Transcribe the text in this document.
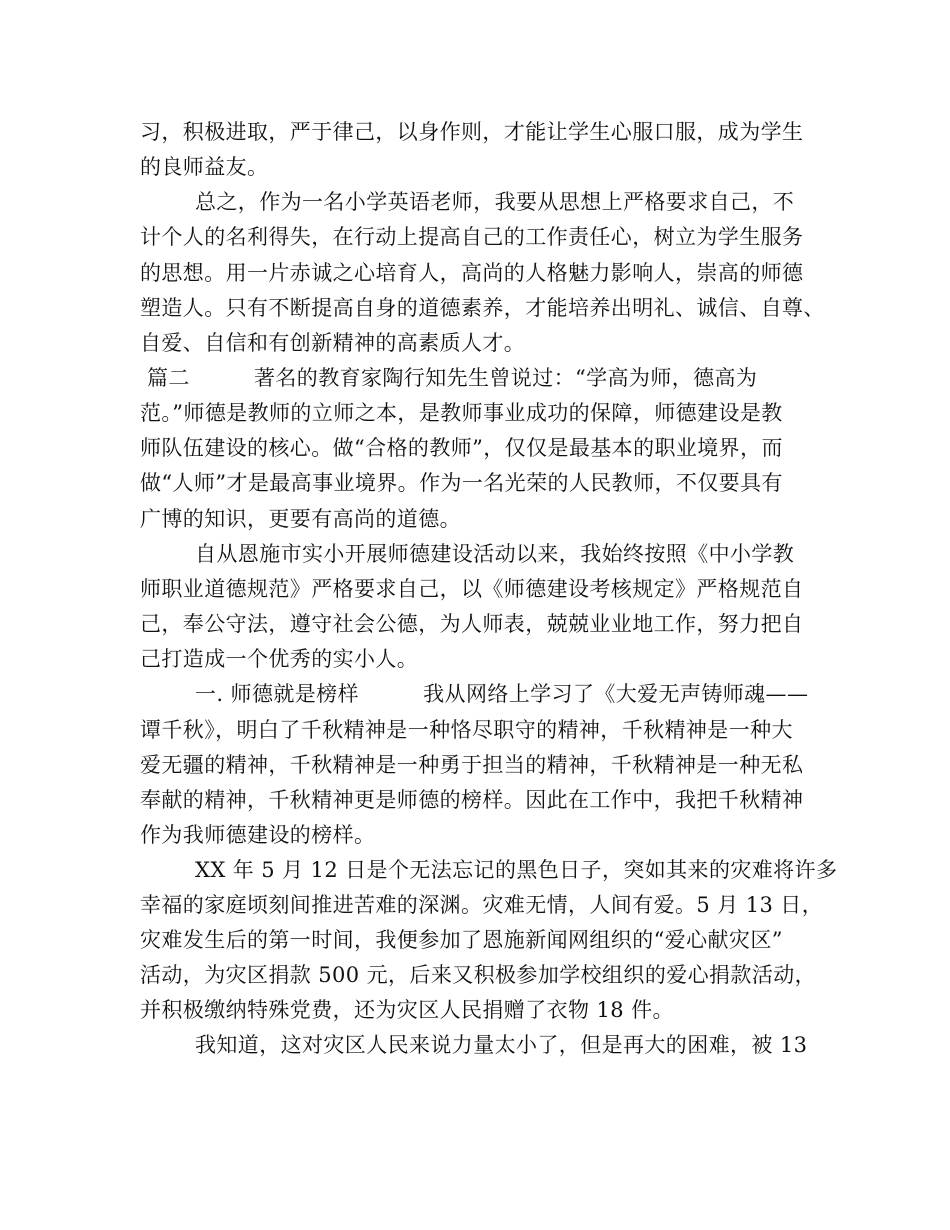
习，积极进取，严于律己，以身作则，才能让学生心服口服，成为学生
的良师益友。
总之，作为一名小学英语老师，我要从思想上严格要求自己，不
计个人的名利得失，在行动上提高自己的工作责任心，树立为学生服务
的思想。用一片赤诚之心培育人，高尚的人格魅力影响人，崇高的师德
塑造人。只有不断提高自身的道德素养，才能培养出明礼、诚信、自尊、
自爱、自信和有创新精神的高素质人才。
篇二　　　著名的教育家陶行知先生曾说过：“学高为师，德高为
范。”师德是教师的立师之本，是教师事业成功的保障，师德建设是教
师队伍建设的核心。做“合格的教师”，仅仅是最基本的职业境界，而
做“人师”才是最高事业境界。作为一名光荣的人民教师，不仅要具有
广博的知识，更要有高尚的道德。
自从恩施市实小开展师德建设活动以来，我始终按照《中小学教
师职业道德规范》严格要求自己，以《师德建设考核规定》严格规范自
己，奉公守法，遵守社会公德，为人师表，兢兢业业地工作，努力把自
己打造成一个优秀的实小人。
一. 师德就是榜样　　　我从网络上学习了《大爱无声铸师魂——
谭千秋》，明白了千秋精神是一种恪尽职守的精神，千秋精神是一种大
爱无疆的精神，千秋精神是一种勇于担当的精神，千秋精神是一种无私
奉献的精神，千秋精神更是师德的榜样。因此在工作中，我把千秋精神
作为我师德建设的榜样。
XX 年 5 月 12 日是个无法忘记的黑色日子，突如其来的灾难将许多
幸福的家庭顷刻间推进苦难的深渊。灾难无情，人间有爱。5 月 13 日，
灾难发生后的第一时间，我便参加了恩施新闻网组织的“爱心献灾区”
活动，为灾区捐款 500 元，后来又积极参加学校组织的爱心捐款活动，
并积极缴纳特殊党费，还为灾区人民捐赠了衣物 18 件。
我知道，这对灾区人民来说力量太小了，但是再大的困难，被 13
